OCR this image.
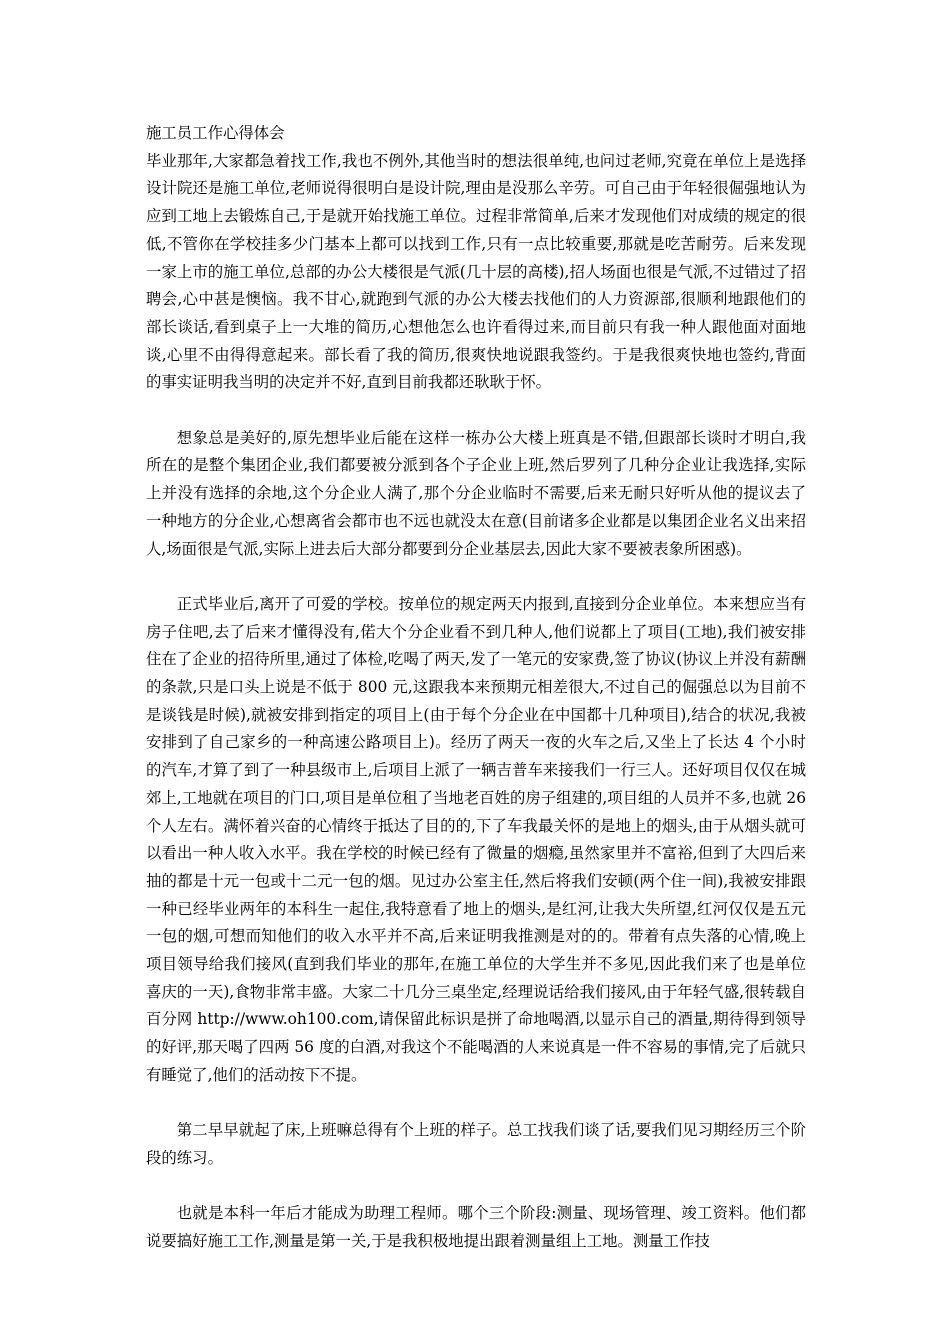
施工员工作心得体会

毕业那年,大家都急着找工作,我也不例外,其他当时的想法很单纯,也问过老师,究竟在单位上是选择设计院还是施工单位,老师说得很明白是设计院,理由是没那么辛劳。可自己由于年轻很倔强地认为应到工地上去锻炼自己,于是就开始找施工单位。过程非常简单,后来才发现他们对成绩的规定的很低,不管你在学校挂多少门基本上都可以找到工作,只有一点比较重要,那就是吃苦耐劳。后来发现一家上市的施工单位,总部的办公大楼很是气派(几十层的高楼),招人场面也很是气派,不过错过了招聘会,心中甚是懊恼。我不甘心,就跑到气派的办公大楼去找他们的人力资源部,很顺利地跟他们的部长谈话,看到桌子上一大堆的简历,心想他怎么也许看得过来,而目前只有我一种人跟他面对面地谈,心里不由得得意起来。部长看了我的简历,很爽快地说跟我签约。于是我很爽快地也签约,背面的事实证明我当明的决定并不好,直到目前我都还耿耿于怀。

想象总是美好的,原先想毕业后能在这样一栋办公大楼上班真是不错,但跟部长谈时才明白,我所在的是整个集团企业,我们都要被分派到各个子企业上班,然后罗列了几种分企业让我选择,实际上并没有选择的余地,这个分企业人满了,那个分企业临时不需要,后来无耐只好听从他的提议去了一种地方的分企业,心想离省会都市也不远也就没太在意(目前诸多企业都是以集团企业名义出来招人,场面很是气派,实际上进去后大部分都要到分企业基层去,因此大家不要被表象所困惑)。

正式毕业后,离开了可爱的学校。按单位的规定两天内报到,直接到分企业单位。本来想应当有房子住吧,去了后来才懂得没有,偌大个分企业看不到几种人,他们说都上了项目(工地),我们被安排住在了企业的招待所里,通过了体检,吃喝了两天,发了一笔元的安家费,签了协议(协议上并没有薪酬的条款,只是口头上说是不低于 800 元,这跟我本来预期元相差很大,不过自己的倔强总以为目前不是谈钱是时候),就被安排到指定的项目上(由于每个分企业在中国都十几种项目),结合的状况,我被安排到了自己家乡的一种高速公路项目上)。经历了两天一夜的火车之后,又坐上了长达 4 个小时的汽车,才算了到了一种县级市上,后项目上派了一辆吉普车来接我们一行三人。还好项目仅仅在城郊上,工地就在项目的门口,项目是单位租了当地老百姓的房子组建的,项目组的人员并不多,也就 26 个人左右。满怀着兴奋的心情终于抵达了目的的,下了车我最关怀的是地上的烟头,由于从烟头就可以看出一种人收入水平。我在学校的时候已经有了微量的烟瘾,虽然家里并不富裕,但到了大四后来抽的都是十元一包或十二元一包的烟。见过办公室主任,然后将我们安顿(两个住一间),我被安排跟一种已经毕业两年的本科生一起住,我特意看了地上的烟头,是红河,让我大失所望,红河仅仅是五元一包的烟,可想而知他们的收入水平并不高,后来证明我推测是对的的。带着有点失落的心情,晚上项目领导给我们接风(直到我们毕业的那年,在施工单位的大学生并不多见,因此我们来了也是单位喜庆的一天),食物非常丰盛。大家二十几分三桌坐定,经理说话给我们接风,由于年轻气盛,很转载自百分网 http://www.oh100.com,请保留此标识是拼了命地喝酒,以显示自己的酒量,期待得到领导的好评,那天喝了四两 56 度的白酒,对我这个不能喝酒的人来说真是一件不容易的事情,完了后就只有睡觉了,他们的活动按下不提。

第二早早就起了床,上班嘛总得有个上班的样子。总工找我们谈了话,要我们见习期经历三个阶段的练习。

也就是本科一年后才能成为助理工程师。哪个三个阶段:测量、现场管理、竣工资料。他们都说要搞好施工工作,测量是第一关,于是我积极地提出跟着测量组上工地。测量工作技
